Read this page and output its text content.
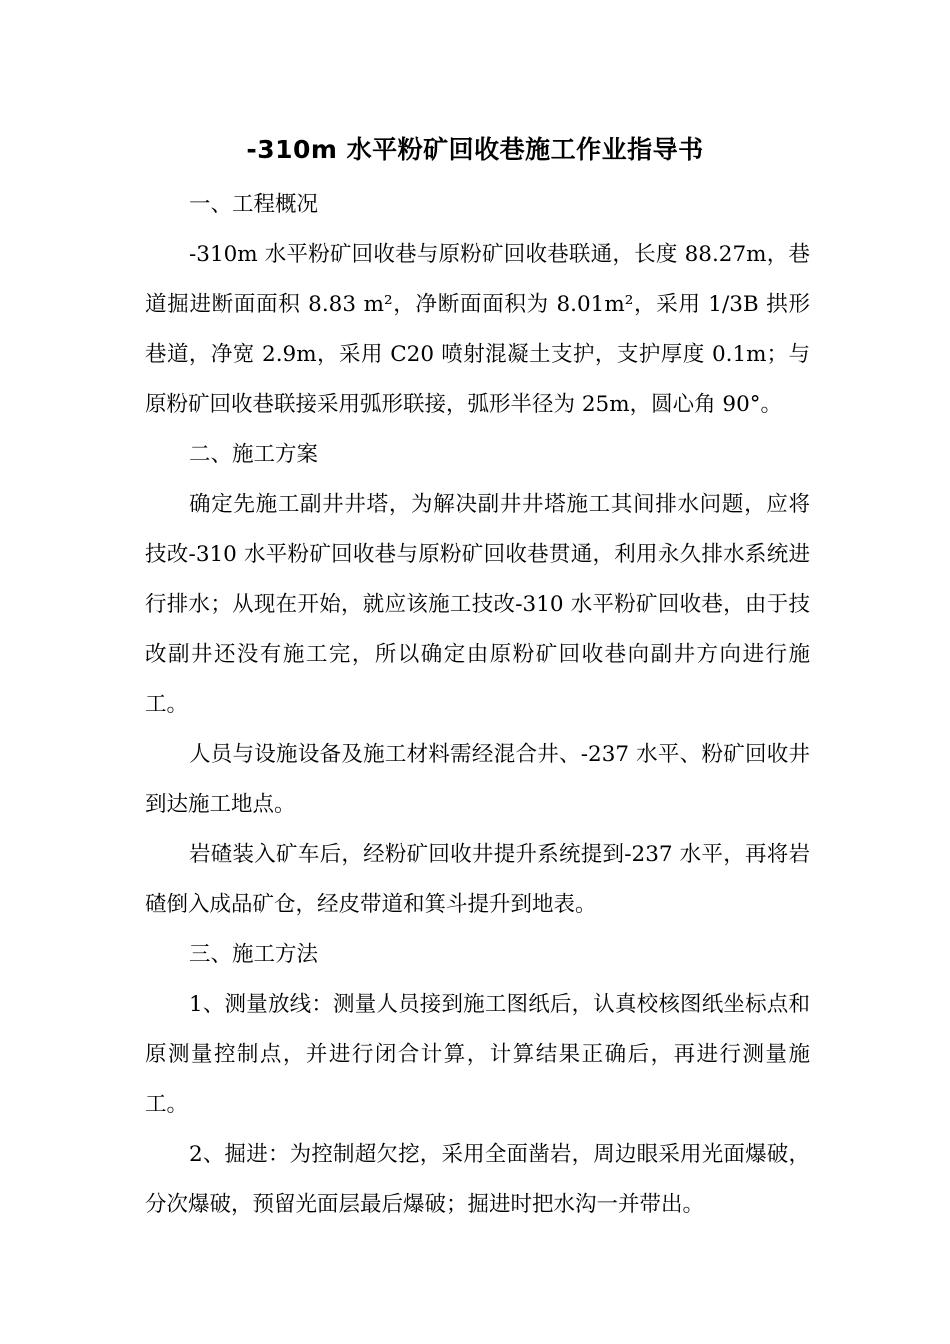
-310m 水平粉矿回收巷施工作业指导书

一、工程概况

-310m 水平粉矿回收巷与原粉矿回收巷联通，长度 88.27m，巷道掘进断面面积 8.83 m²，净断面面积为 8.01m²，采用 1/3B 拱形巷道，净宽 2.9m，采用 C20 喷射混凝土支护，支护厚度 0.1m；与原粉矿回收巷联接采用弧形联接，弧形半径为 25m，圆心角 90°。

二、施工方案

确定先施工副井井塔，为解决副井井塔施工其间排水问题，应将技改-310 水平粉矿回收巷与原粉矿回收巷贯通，利用永久排水系统进行排水；从现在开始，就应该施工技改-310 水平粉矿回收巷，由于技改副井还没有施工完，所以确定由原粉矿回收巷向副井方向进行施工。

人员与设施设备及施工材料需经混合井、-237 水平、粉矿回收井到达施工地点。

岩碴装入矿车后，经粉矿回收井提升系统提到-237 水平，再将岩碴倒入成品矿仓，经皮带道和箕斗提升到地表。

三、施工方法

1、测量放线：测量人员接到施工图纸后，认真校核图纸坐标点和原测量控制点，并进行闭合计算，计算结果正确后，再进行测量施工。

2、掘进：为控制超欠挖，采用全面凿岩，周边眼采用光面爆破，分次爆破，预留光面层最后爆破；掘进时把水沟一并带出。
